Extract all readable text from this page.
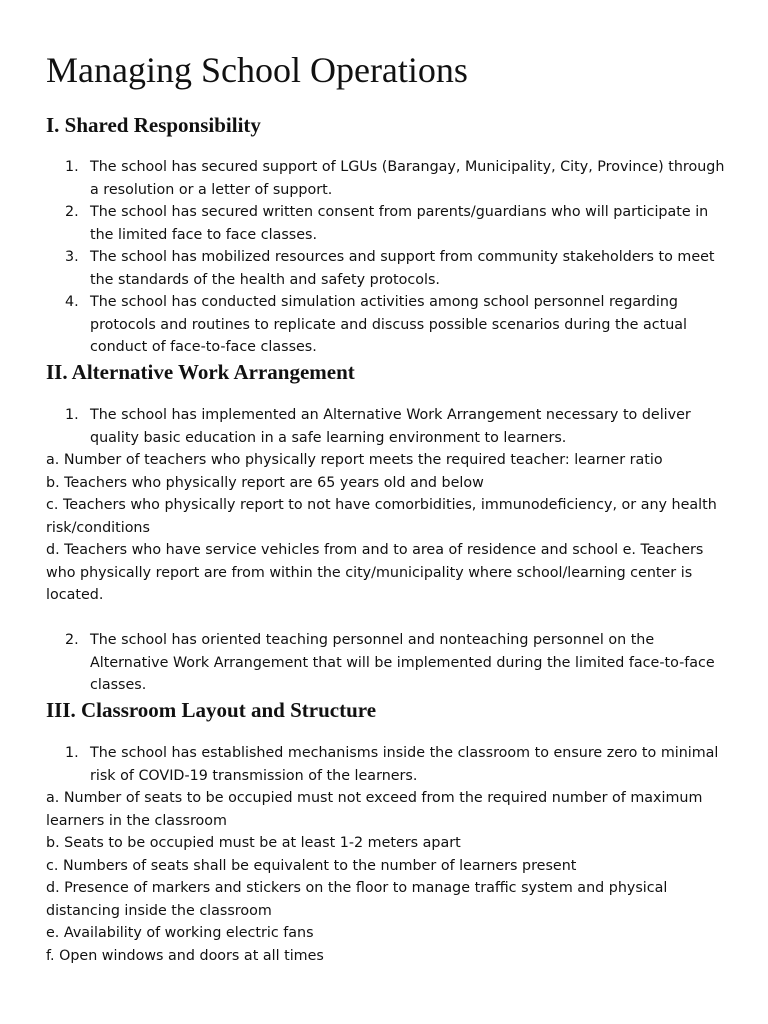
Managing School Operations
I. Shared Responsibility
1. The school has secured support of LGUs (Barangay, Municipality, City, Province) through
a resolution or a letter of support.
2. The school has secured written consent from parents/guardians who will participate in
the limited face to face classes.
3. The school has mobilized resources and support from community stakeholders to meet
the standards of the health and safety protocols.
4. The school has conducted simulation activities among school personnel regarding
protocols and routines to replicate and discuss possible scenarios during the actual
conduct of face-to-face classes.
II. Alternative Work Arrangement
1. The school has implemented an Alternative Work Arrangement necessary to deliver
quality basic education in a safe learning environment to learners.
a. Number of teachers who physically report meets the required teacher: learner ratio
b. Teachers who physically report are 65 years old and below
c. Teachers who physically report to not have comorbidities, immunodeficiency, or any health
risk/conditions
d. Teachers who have service vehicles from and to area of residence and school e. Teachers
who physically report are from within the city/municipality where school/learning center is
located.
2. The school has oriented teaching personnel and nonteaching personnel on the
Alternative Work Arrangement that will be implemented during the limited face-to-face
classes.
III. Classroom Layout and Structure
1. The school has established mechanisms inside the classroom to ensure zero to minimal
risk of COVID-19 transmission of the learners.
a. Number of seats to be occupied must not exceed from the required number of maximum
learners in the classroom
b. Seats to be occupied must be at least 1-2 meters apart
c. Numbers of seats shall be equivalent to the number of learners present
d. Presence of markers and stickers on the floor to manage traffic system and physical
distancing inside the classroom
e. Availability of working electric fans
f. Open windows and doors at all times
